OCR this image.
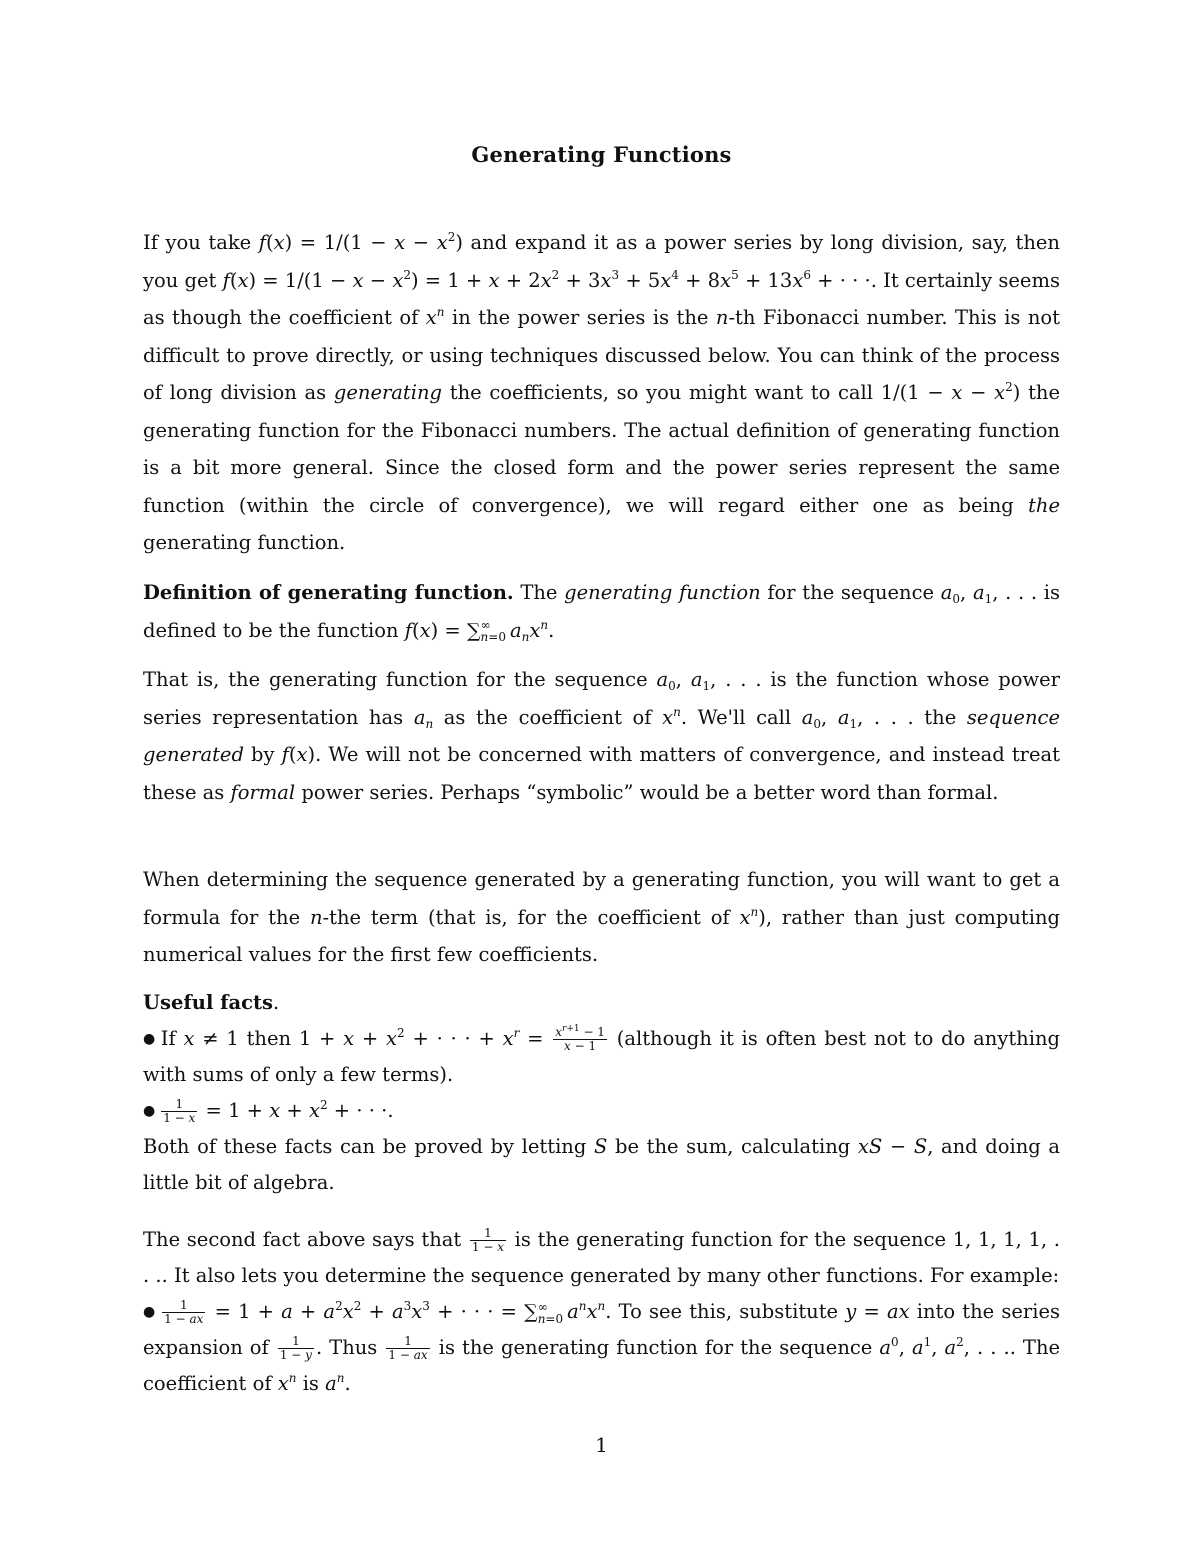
Generating Functions
If you take $f(x) = 1/(1 - x - x^2)$ and expand it as a power series by long division, say, then you get $f(x) = 1/(1 - x - x^2) = 1 + x + 2x^2 + 3x^3 + 5x^4 + 8x^5 + 13x^6$ + · · ·. It certainly seems as though the coefficient of $x^n$ in the power series is the n-th Fibonacci number. This is not difficult to prove directly, or using techniques discussed below. You can think of the process of long division as generating the coefficients, so you might want to call $1/(1 - x - x^2)$ the generating function for the Fibonacci numbers. The actual definition of generating function is a bit more general. Since the closed form and the power series represent the same function (within the circle of convergence), we will regard either one as being the generating function.
Definition of generating function. The generating function for the sequence $a_0$, $a_1$, . . . is defined to be the function f(x) = ∑ ∞
n=0 $a_nx^n$.
That is, the generating function for the sequence $a_0$, $a_1$, . . . is the function whose power series representation has $a_n$ as the coefficient of $x^n$. We'll call $a_0$, $a_1$, . . . the sequence generated by f(x). We will not be concerned with matters of convergence, and instead treat these as formal power series. Perhaps “symbolic” would be a better word than formal.
When determining the sequence generated by a generating function, you will want to get a formula for the n-the term (that is, for the coefficient of $x^n$), rather than just computing numerical values for the first few coefficients.
Useful facts.
● If x ≠ 1 then $1 + x + x^2$ + · · · + $x^r = \frac{x^{r+1} - 1}{x - 1}$ (although it is often best not to do anything with sums of only a few terms).
● $\frac{1}{1 - x} = 1 + x + x^2$ + · · ·.
Both of these facts can be proved by letting S be the sum, calculating xS − S, and doing a little bit of algebra.
The second fact above says that $\frac{1}{1 - x}$ is the generating function for the sequence 1, 1, 1, 1, . . .. It also lets you determine the sequence generated by many other functions. For example:
● $\frac{1}{1 - ax} = 1 + a + a^2x^2 + a^3x^3$ + · · · = ∑ ∞
n=0 $a^nx^n$. To see this, substitute y = ax into the series expansion of $\frac{1}{1 - y}$ . Thus $\frac{1}{1 - ax}$ is the generating function for the sequence $a^0$, $a^1$, $a^2$, . . .. The coefficient of $x^n$ is $a^n$.
1
